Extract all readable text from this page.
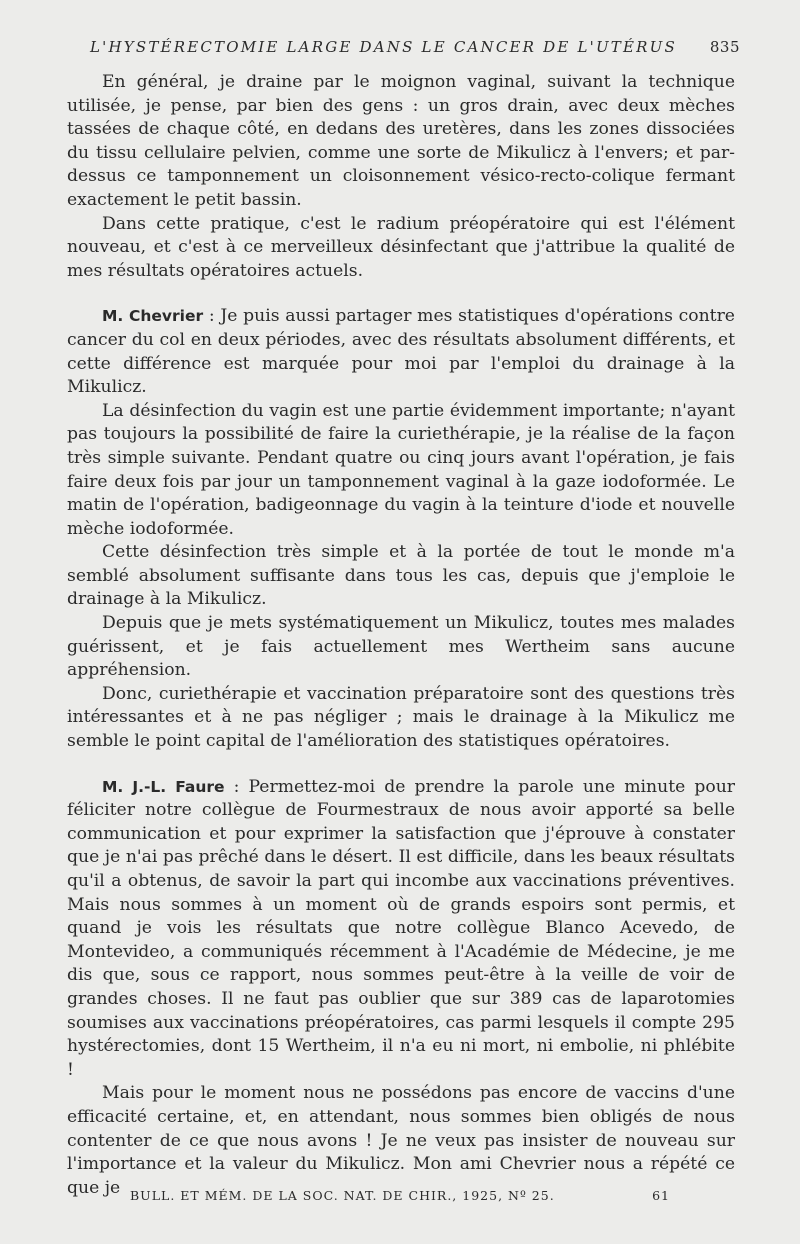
L'HYSTÉRECTOMIE LARGE DANS LE CANCER DE L'UTÉRUS 835

En général, je draine par le moignon vaginal, suivant la technique utilisée, je pense, par bien des gens : un gros drain, avec deux mèches tassées de chaque côté, en dedans des uretères, dans les zones dissociées du tissu cellulaire pelvien, comme une sorte de Mikulicz à l'envers; et par-dessus ce tamponnement un cloisonnement vésico-recto-colique fermant exactement le petit bassin.

Dans cette pratique, c'est le radium préopératoire qui est l'élément nouveau, et c'est à ce merveilleux désinfectant que j'attribue la qualité de mes résultats opératoires actuels.

M. Chevrier : Je puis aussi partager mes statistiques d'opérations contre cancer du col en deux périodes, avec des résultats absolument différents, et cette différence est marquée pour moi par l'emploi du drainage à la Mikulicz.

La désinfection du vagin est une partie évidemment importante; n'ayant pas toujours la possibilité de faire la curiethérapie, je la réalise de la façon très simple suivante. Pendant quatre ou cinq jours avant l'opération, je fais faire deux fois par jour un tamponnement vaginal à la gaze iodoformée. Le matin de l'opération, badigeonnage du vagin à la teinture d'iode et nouvelle mèche iodoformée.

Cette désinfection très simple et à la portée de tout le monde m'a semblé absolument suffisante dans tous les cas, depuis que j'emploie le drainage à la Mikulicz.

Depuis que je mets systématiquement un Mikulicz, toutes mes malades guérissent, et je fais actuellement mes Wertheim sans aucune appréhension.

Donc, curiethérapie et vaccination préparatoire sont des questions très intéressantes et à ne pas négliger ; mais le drainage à la Mikulicz me semble le point capital de l'amélioration des statistiques opératoires.

M. J.-L. Faure : Permettez-moi de prendre la parole une minute pour féliciter notre collègue de Fourmestraux de nous avoir apporté sa belle communication et pour exprimer la satisfaction que j'éprouve à constater que je n'ai pas prêché dans le désert. Il est difficile, dans les beaux résultats qu'il a obtenus, de savoir la part qui incombe aux vaccinations préventives. Mais nous sommes à un moment où de grands espoirs sont permis, et quand je vois les résultats que notre collègue Blanco Acevedo, de Montevideo, a communiqués récemment à l'Académie de Médecine, je me dis que, sous ce rapport, nous sommes peut-être à la veille de voir de grandes choses. Il ne faut pas oublier que sur 389 cas de laparotomies soumises aux vaccinations préopératoires, cas parmi lesquels il compte 295 hystérectomies, dont 15 Wertheim, il n'a eu ni mort, ni embolie, ni phlébite !

Mais pour le moment nous ne possédons pas encore de vaccins d'une efficacité certaine, et, en attendant, nous sommes bien obligés de nous contenter de ce que nous avons ! Je ne veux pas insister de nouveau sur l'importance et la valeur du Mikulicz. Mon ami Chevrier nous a répété ce que je BULL. ET MÉM. DE LA SOC. NAT. DE CHIR., 1925, Nº 25.	61
